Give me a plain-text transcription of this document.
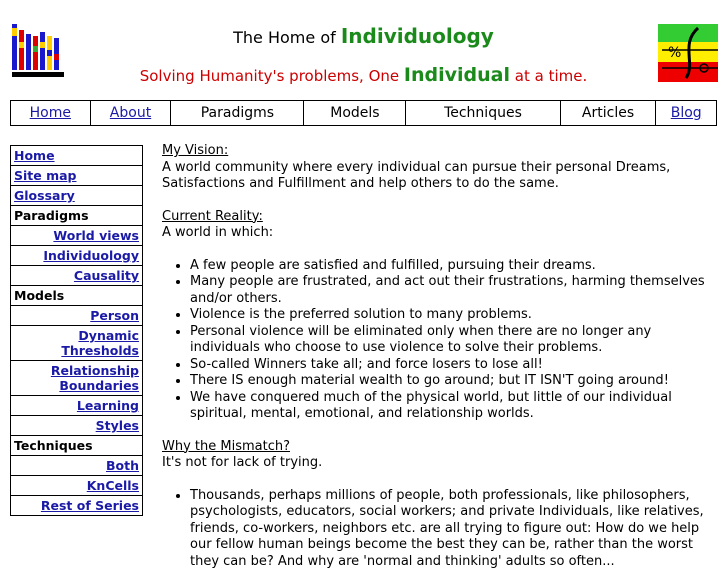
The Home of Individuology
Solving Humanity's problems, One Individual at a time.
%
Home	About	Paradigms	Models	Techniques	Articles	Blog
Home
Site map
Glossary
Paradigms
World views
Individuology
Causality
Models
Person
Dynamic Thresholds
Relationship Boundaries
Learning
Styles
Techniques
Both
KnCells
Rest of Series
My Vision:

A world community where every individual can pursue their personal Dreams, Satisfactions and Fulfillment and help others to do the same.

Current Reality:

A world in which:

• A few people are satisfied and fulfilled, pursuing their dreams.
• Many people are frustrated, and act out their frustrations, harming themselves and/or others.
• Violence is the preferred solution to many problems.
• Personal violence will be eliminated only when there are no longer any individuals who choose to use violence to solve their problems.
• So-called Winners take all; and force losers to lose all!
• There IS enough material wealth to go around; but IT ISN'T going around!
• We have conquered much of the physical world, but little of our individual spiritual, mental, emotional, and relationship worlds.
Why the Mismatch?

It's not for lack of trying.

• Thousands, perhaps millions of people, both professionals, like philosophers, psychologists, educators, social workers; and private Individuals, like relatives, friends, co-workers, neighbors etc. are all trying to figure out: How do we help our fellow human beings become the best they can be, rather than the worst they can be? And why are 'normal and thinking' adults so often...
